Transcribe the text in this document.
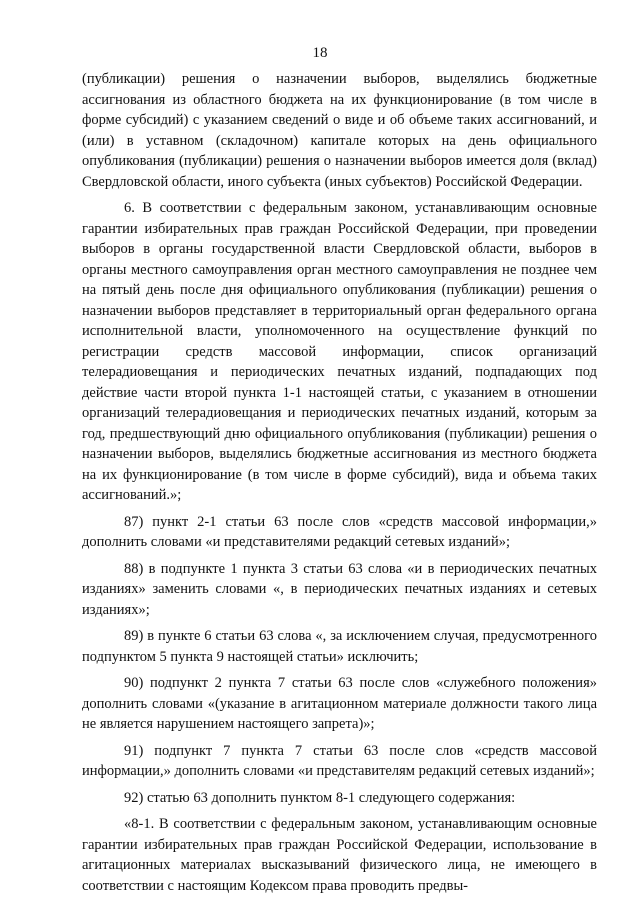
18

(публикации) решения о назначении выборов, выделялись бюджетные ассигнования из областного бюджета на их функционирование (в том числе в форме субсидий) с указанием сведений о виде и об объеме таких ассигнований, и (или) в уставном (складочном) капитале которых на день официального опубликования (публикации) решения о назначении выборов имеется доля (вклад) Свердловской области, иного субъекта (иных субъектов) Российской Федерации.

6. В соответствии с федеральным законом, устанавливающим основные гарантии избирательных прав граждан Российской Федерации, при проведении выборов в органы государственной власти Свердловской области, выборов в органы местного самоуправления орган местного самоуправления не позднее чем на пятый день после дня официального опубликования (публикации) решения о назначении выборов представляет в территориальный орган федерального органа исполнительной власти, уполномоченного на осуществление функций по регистрации средств массовой информации, список организаций телерадиовещания и периодических печатных изданий, подпадающих под действие части второй пункта 1-1 настоящей статьи, с указанием в отношении организаций телерадиовещания и периодических печатных изданий, которым за год, предшествующий дню официального опубликования (публикации) решения о назначении выборов, выделялись бюджетные ассигнования из местного бюджета на их функционирование (в том числе в форме субсидий), вида и объема таких ассигнований.»;

87) пункт 2-1 статьи 63 после слов «средств массовой информации,» дополнить словами «и представителями редакций сетевых изданий»;

88) в подпункте 1 пункта 3 статьи 63 слова «и в периодических печатных изданиях» заменить словами «, в периодических печатных изданиях и сетевых изданиях»;

89) в пункте 6 статьи 63 слова «, за исключением случая, предусмотренного подпунктом 5 пункта 9 настоящей статьи» исключить;

90) подпункт 2 пункта 7 статьи 63 после слов «служебного положения» дополнить словами «(указание в агитационном материале должности такого лица не является нарушением настоящего запрета)»;

91) подпункт 7 пункта 7 статьи 63 после слов «средств массовой информации,» дополнить словами «и представителям редакций сетевых изданий»;

92) статью 63 дополнить пунктом 8-1 следующего содержания:

«8-1. В соответствии с федеральным законом, устанавливающим основные гарантии избирательных прав граждан Российской Федерации, использование в агитационных материалах высказываний физического лица, не имеющего в соответствии с настоящим Кодексом права проводить предвы-
